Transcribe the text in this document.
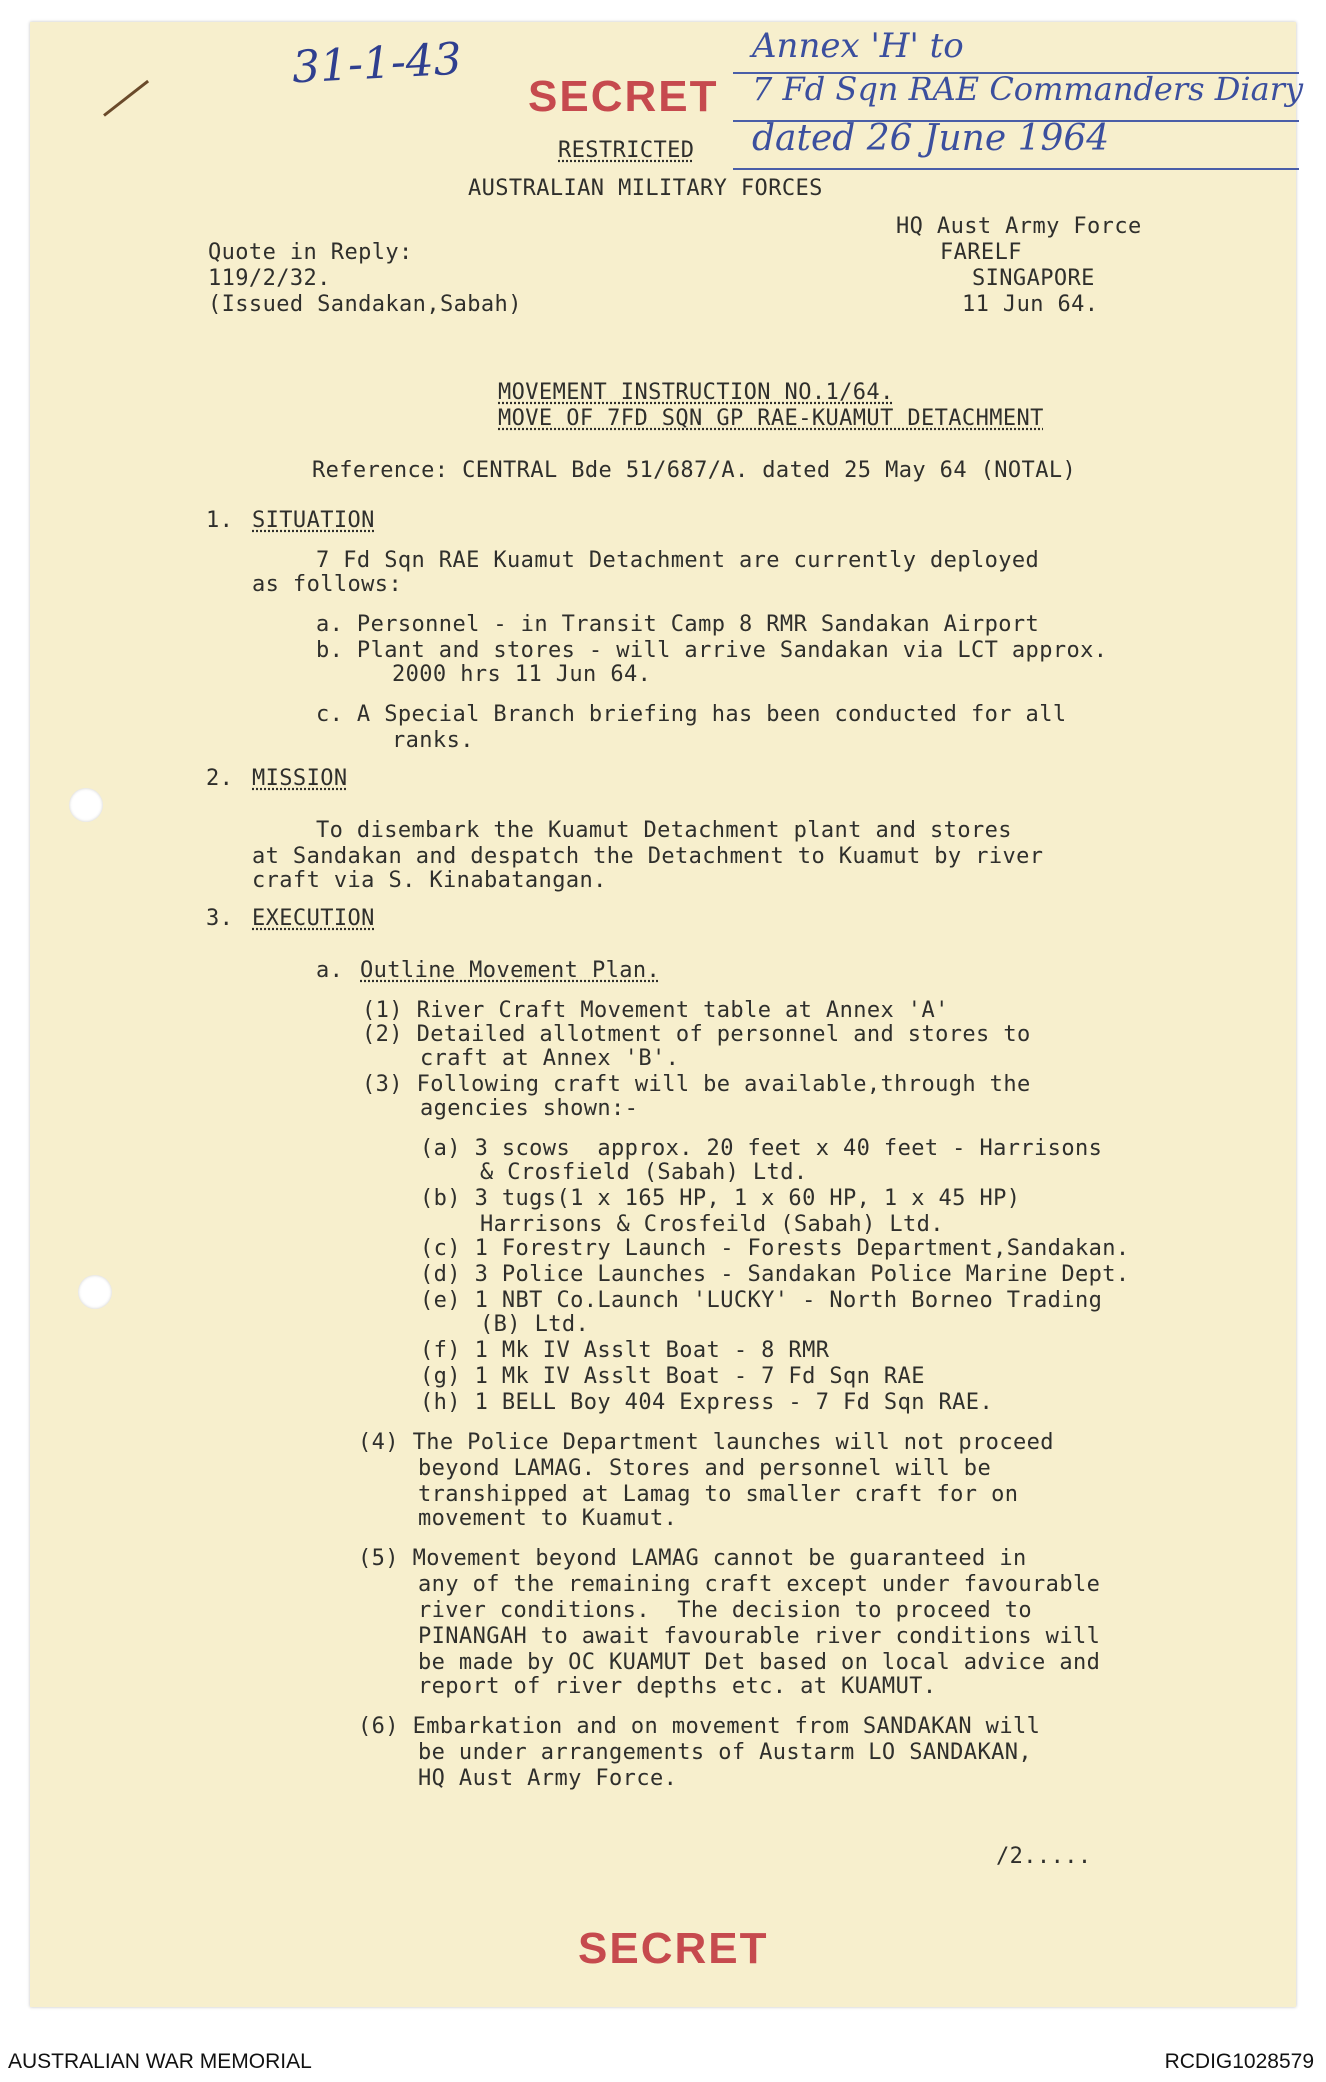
31-1-43	Annex 'H' to
7 Fd Sqn RAE Commanders Diary
dated 26 June 1964
SECRET
RESTRICTED
AUSTRALIAN MILITARY FORCES
Quote in Reply:
119/2/32.
(Issued Sandakan,Sabah)
HQ Aust Army Force
FARELF
SINGAPORE
11 Jun 64.
MOVEMENT INSTRUCTION NO.1/64.
MOVE OF 7FD SQN GP RAE-KUAMUT DETACHMENT
Reference: CENTRAL Bde 51/687/A. dated 25 May 64 (NOTAL)
1. SITUATION
7 Fd Sqn RAE Kuamut Detachment are currently deployed
as follows:
a. Personnel - in Transit Camp 8 RMR Sandakan Airport
b. Plant and stores - will arrive Sandakan via LCT approx.
2000 hrs 11 Jun 64.
c. A Special Branch briefing has been conducted for all
ranks.
2. MISSION
To disembark the Kuamut Detachment plant and stores
at Sandakan and despatch the Detachment to Kuamut by river
craft via S. Kinabatangan.
3. EXECUTION
a. Outline Movement Plan.
(1) River Craft Movement table at Annex 'A'
(2) Detailed allotment of personnel and stores to
craft at Annex 'B'.
(3) Following craft will be available,through the
agencies shown:-
(a) 3 scows  approx. 20 feet x 40 feet - Harrisons
& Crosfield (Sabah) Ltd.
(b) 3 tugs(1 x 165 HP, 1 x 60 HP, 1 x 45 HP)
Harrisons & Crosfeild (Sabah) Ltd.
(c) 1 Forestry Launch - Forests Department,Sandakan.
(d) 3 Police Launches - Sandakan Police Marine Dept.
(e) 1 NBT Co.Launch 'LUCKY' - North Borneo Trading
(B) Ltd.
(f) 1 Mk IV Asslt Boat - 8 RMR
(g) 1 Mk IV Asslt Boat - 7 Fd Sqn RAE
(h) 1 BELL Boy 404 Express - 7 Fd Sqn RAE.
(4) The Police Department launches will not proceed
beyond LAMAG. Stores and personnel will be
transhipped at Lamag to smaller craft for on
movement to Kuamut.
(5) Movement beyond LAMAG cannot be guaranteed in
any of the remaining craft except under favourable
river conditions.  The decision to proceed to
PINANGAH to await favourable river conditions will
be made by OC KUAMUT Det based on local advice and
report of river depths etc. at KUAMUT.
(6) Embarkation and on movement from SANDAKAN will
be under arrangements of Austarm LO SANDAKAN,
HQ Aust Army Force.
/2.....
SECRET
AUSTRALIAN WAR MEMORIAL	RCDIG1028579
